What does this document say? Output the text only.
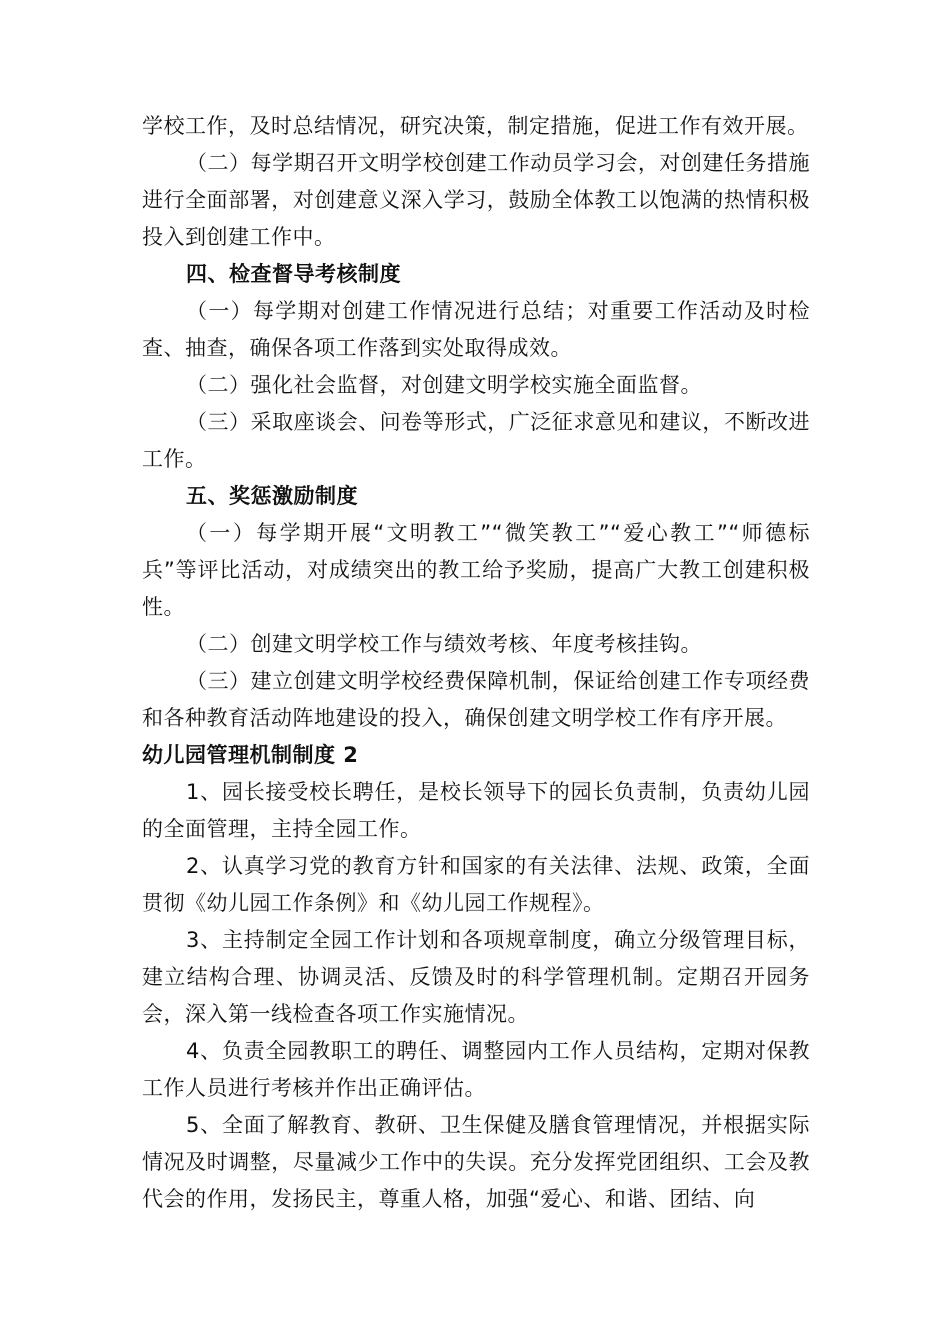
学校工作，及时总结情况，研究决策，制定措施，促进工作有效开展。

（二）每学期召开文明学校创建工作动员学习会，对创建任务措施进行全面部署，对创建意义深入学习，鼓励全体教工以饱满的热情积极投入到创建工作中。

四、检查督导考核制度

（一）每学期对创建工作情况进行总结；对重要工作活动及时检查、抽查，确保各项工作落到实处取得成效。

（二）强化社会监督，对创建文明学校实施全面监督。

（三）采取座谈会、问卷等形式，广泛征求意见和建议，不断改进工作。

五、奖惩激励制度

（一）每学期开展“文明教工”“微笑教工”“爱心教工”“师德标兵”等评比活动，对成绩突出的教工给予奖励，提高广大教工创建积极性。

（二）创建文明学校工作与绩效考核、年度考核挂钩。

（三）建立创建文明学校经费保障机制，保证给创建工作专项经费和各种教育活动阵地建设的投入，确保创建文明学校工作有序开展。

幼儿园管理机制制度 2

1、园长接受校长聘任，是校长领导下的园长负责制，负责幼儿园的全面管理，主持全园工作。

2、认真学习党的教育方针和国家的有关法律、法规、政策，全面贯彻《幼儿园工作条例》和《幼儿园工作规程》。

3、主持制定全园工作计划和各项规章制度，确立分级管理目标，建立结构合理、协调灵活、反馈及时的科学管理机制。定期召开园务会，深入第一线检查各项工作实施情况。

4、负责全园教职工的聘任、调整园内工作人员结构，定期对保教工作人员进行考核并作出正确评估。

5、全面了解教育、教研、卫生保健及膳食管理情况，并根据实际情况及时调整，尽量减少工作中的失误。充分发挥党团组织、工会及教代会的作用，发扬民主，尊重人格，加强“爱心、和谐、团结、向
